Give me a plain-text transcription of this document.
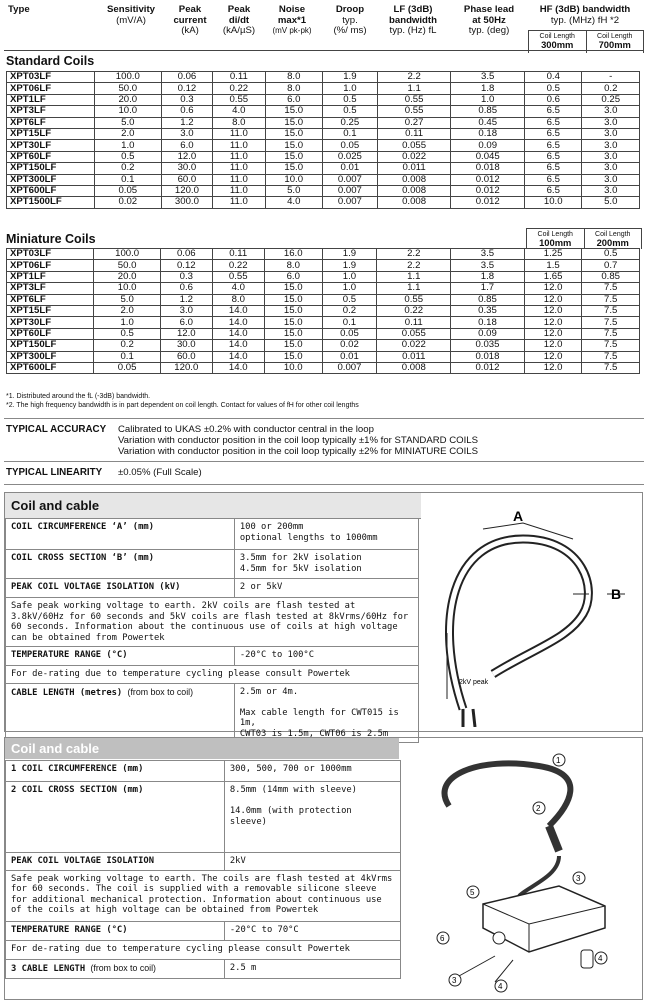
Type	Sensitivity
(mV/A)
Peak
current
(kA)
Peak
di/dt
(kA/µS)
Noise
max*1
(mV pk-pk)
Droop
typ.
(%/ ms)
LF (3dB)
bandwidth
typ. (Hz) fL
Phase lead
at 50Hz
typ. (deg)
HF (3dB) bandwidth
typ. (MHz) fH *2
Coil Length
300mm
Coil Length
700mm
Standard Coils
XPT03LF	100.0	0.06	0.11	8.0	1.9	2.2	3.5	0.4	-
XPT06LF	50.0	0.12	0.22	8.0	1.0	1.1	1.8	0.5	0.2
XPT1LF	20.0	0.3	0.55	6.0	0.5	0.55	1.0	0.6	0.25
XPT3LF	10.0	0.6	4.0	15.0	0.5	0.55	0.85	6.5	3.0
XPT6LF	5.0	1.2	8.0	15.0	0.25	0.27	0.45	6.5	3.0
XPT15LF	2.0	3.0	11.0	15.0	0.1	0.11	0.18	6.5	3.0
XPT30LF	1.0	6.0	11.0	15.0	0.05	0.055	0.09	6.5	3.0
XPT60LF	0.5	12.0	11.0	15.0	0.025	0.022	0.045	6.5	3.0
XPT150LF	0.2	30.0	11.0	15.0	0.01	0.011	0.018	6.5	3.0
XPT300LF	0.1	60.0	11.0	10.0	0.007	0.008	0.012	6.5	3.0
XPT600LF	0.05	120.0	11.0	5.0	0.007	0.008	0.012	6.5	3.0
XPT1500LF	0.02	300.0	11.0	4.0	0.007	0.008	0.012	10.0	5.0
Miniature Coils	Coil Length
100mm
Coil Length
200mm
XPT03LF	100.0	0.06	0.11	16.0	1.9	2.2	3.5	1.25	0.5
XPT06LF	50.0	0.12	0.22	8.0	1.9	2.2	3.5	1.5	0.7
XPT1LF	20.0	0.3	0.55	6.0	1.0	1.1	1.8	1.65	0.85
XPT3LF	10.0	0.6	4.0	15.0	1.0	1.1	1.7	12.0	7.5
XPT6LF	5.0	1.2	8.0	15.0	0.5	0.55	0.85	12.0	7.5
XPT15LF	2.0	3.0	14.0	15.0	0.2	0.22	0.35	12.0	7.5
XPT30LF	1.0	6.0	14.0	15.0	0.1	0.11	0.18	12.0	7.5
XPT60LF	0.5	12.0	14.0	15.0	0.05	0.055	0.09	12.0	7.5
XPT150LF	0.2	30.0	14.0	15.0	0.02	0.022	0.035	12.0	7.5
XPT300LF	0.1	60.0	14.0	15.0	0.01	0.011	0.018	12.0	7.5
XPT600LF	0.05	120.0	14.0	10.0	0.007	0.008	0.012	12.0	7.5
*1. Distributed around the fL (-3dB) bandwidth.
*2. The high frequency bandwidth is in part dependent on coil length. Contact for values of fH for other coil lengths
TYPICAL ACCURACY Calibrated to UKAS ±0.2% with conductor central in the loop
Variation with conductor position in the coil loop typically ±1% for STANDARD COILS
Variation with conductor position in the coil loop typically ±2% for MINIATURE COILS
TYPICAL LINEARITY ±0.05% (Full Scale)
Coil and cable
COIL CIRCUMFERENCE ‘A’ (mm)	100 or 200mm
optional lengths to 1000mm
COIL CROSS SECTION ‘B’ (mm)	3.5mm for 2kV isolation
4.5mm for 5kV isolation
PEAK COIL VOLTAGE ISOLATION (kV)	2 or 5kV
Safe peak working voltage to earth. 2kV coils are flash tested at 3.8kV/60Hz for 60 seconds and 5kV coils are flash tested at 8kVrms/60Hz for 60 seconds. Information about the continuous use of coils at high voltage can be obtained from Powertek	
TEMPERATURE RANGE (°C)	-20°C to 100°C
For de-rating due to temperature cycling please consult Powertek	
CABLE LENGTH (metres) (from box to coil)	2.5m or 4m.

Max cable length for CWT015 is 1m,
CWT03 is 1.5m, CWT06 is 2.5m
A
B
2kV peak
Coil and cable
1 COIL CIRCUMFERENCE (mm)	300, 500, 700 or 1000mm
2 COIL CROSS SECTION (mm)	8.5mm (14mm with sleeve)

14.0mm (with protection
sleeve)
PEAK COIL VOLTAGE ISOLATION	2kV
Safe peak working voltage to earth. The coils are flash tested at 4kVrms for 60 seconds. The coil is supplied with a removable silicone sleeve for additional mechanical protection. Information about continuous use of the coils at high voltage can be obtained from Powertek	
TEMPERATURE RANGE (°C)	-20°C to 70°C
For de-rating due to temperature cycling please consult Powertek	
3 CABLE LENGTH (from box to coil)	2.5 m
1
2
3
4
5
6
3
4
